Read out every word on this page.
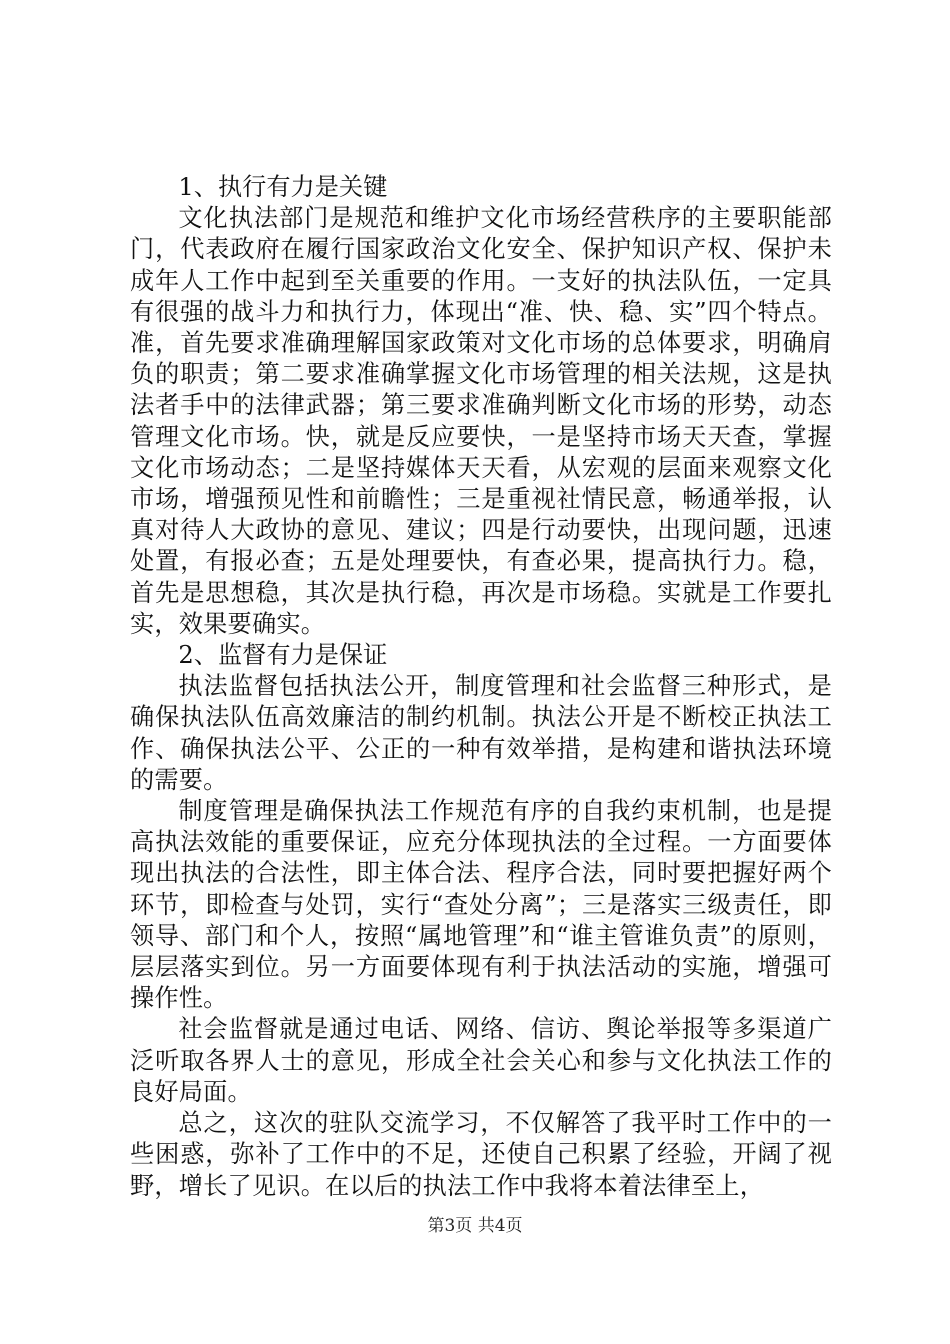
1、执行有力是关键

文化执法部门是规范和维护文化市场经营秩序的主要职能部门，代表政府在履行国家政治文化安全、保护知识产权、保护未成年人工作中起到至关重要的作用。一支好的执法队伍，一定具有很强的战斗力和执行力，体现出“准、快、稳、实”四个特点。准，首先要求准确理解国家政策对文化市场的总体要求，明确肩负的职责；第二要求准确掌握文化市场管理的相关法规，这是执法者手中的法律武器；第三要求准确判断文化市场的形势，动态管理文化市场。快，就是反应要快，一是坚持市场天天查，掌握文化市场动态；二是坚持媒体天天看，从宏观的层面来观察文化市场，增强预见性和前瞻性；三是重视社情民意，畅通举报，认真对待人大政协的意见、建议；四是行动要快，出现问题，迅速处置，有报必查；五是处理要快，有查必果，提高执行力。稳，首先是思想稳，其次是执行稳，再次是市场稳。实就是工作要扎实，效果要确实。

2、监督有力是保证

执法监督包括执法公开，制度管理和社会监督三种形式，是确保执法队伍高效廉洁的制约机制。执法公开是不断校正执法工作、确保执法公平、公正的一种有效举措，是构建和谐执法环境的需要。

制度管理是确保执法工作规范有序的自我约束机制，也是提高执法效能的重要保证，应充分体现执法的全过程。一方面要体现出执法的合法性，即主体合法、程序合法，同时要把握好两个环节，即检查与处罚，实行“查处分离”；三是落实三级责任，即领导、部门和个人，按照“属地管理”和“谁主管谁负责”的原则，层层落实到位。另一方面要体现有利于执法活动的实施，增强可操作性。

社会监督就是通过电话、网络、信访、舆论举报等多渠道广泛听取各界人士的意见，形成全社会关心和参与文化执法工作的良好局面。

总之，这次的驻队交流学习，不仅解答了我平时工作中的一些困惑，弥补了工作中的不足，还使自己积累了经验，开阔了视野，增长了见识。在以后的执法工作中我将本着法律至上，

第3页 共4页
